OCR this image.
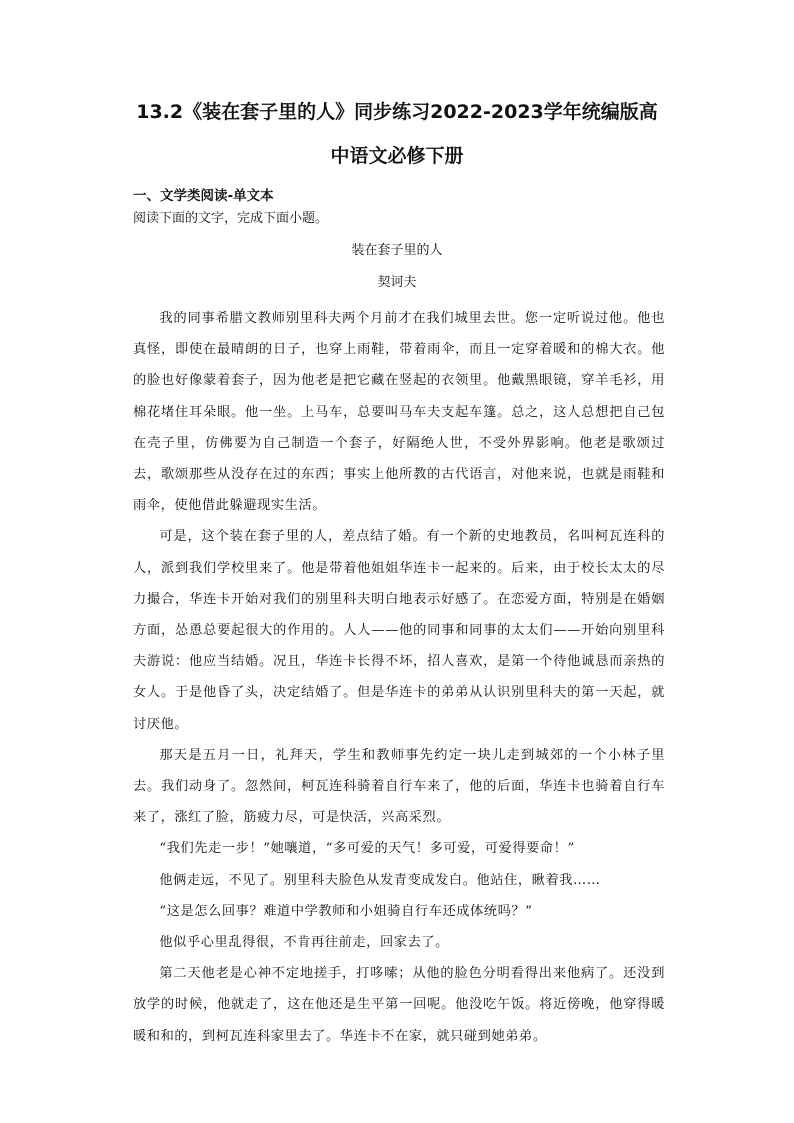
13.2《装在套子里的人》同步练习2022-2023学年统编版高
中语文必修下册
一、文学类阅读-单文本
阅读下面的文字，完成下面小题。
装在套子里的人
契诃夫

我的同事希腊文教师别里科夫两个月前才在我们城里去世。您一定听说过他。他也真怪，即使在最晴朗的日子，也穿上雨鞋，带着雨伞，而且一定穿着暖和的棉大衣。他的脸也好像蒙着套子，因为他老是把它藏在竖起的衣领里。他戴黑眼镜，穿羊毛衫，用棉花堵住耳朵眼。他一坐。上马车，总要叫马车夫支起车篷。总之，这人总想把自己包在壳子里，仿佛要为自己制造一个套子，好隔绝人世，不受外界影响。他老是歌颂过去，歌颂那些从没存在过的东西；事实上他所教的古代语言，对他来说，也就是雨鞋和雨伞，使他借此躲避现实生活。

可是，这个装在套子里的人，差点结了婚。有一个新的史地教员，名叫柯瓦连科的人，派到我们学校里来了。他是带着他姐姐华连卡一起来的。后来，由于校长太太的尽力撮合，华连卡开始对我们的别里科夫明白地表示好感了。在恋爱方面，特别是在婚姻方面，怂恿总要起很大的作用的。人人——他的同事和同事的太太们——开始向别里科夫游说：他应当结婚。况且，华连卡长得不坏，招人喜欢，是第一个待他诚恳而亲热的女人。于是他昏了头，决定结婚了。但是华连卡的弟弟从认识别里科夫的第一天起，就讨厌他。

那天是五月一日，礼拜天，学生和教师事先约定一块儿走到城郊的一个小林子里去。我们动身了。忽然间，柯瓦连科骑着自行车来了，他的后面，华连卡也骑着自行车来了，涨红了脸，筋疲力尽，可是快活，兴高采烈。

“我们先走一步！”她嚷道，“多可爱的天气！多可爱，可爱得要命！”

他俩走远，不见了。别里科夫脸色从发青变成发白。他站住，瞅着我……

“这是怎么回事？难道中学教师和小姐骑自行车还成体统吗？”

他似乎心里乱得很，不肯再往前走，回家去了。

第二天他老是心神不定地搓手，打哆嗦；从他的脸色分明看得出来他病了。还没到放学的时候，他就走了，这在他还是生平第一回呢。他没吃午饭。将近傍晚，他穿得暖暖和和的，到柯瓦连科家里去了。华连卡不在家，就只碰到她弟弟。
